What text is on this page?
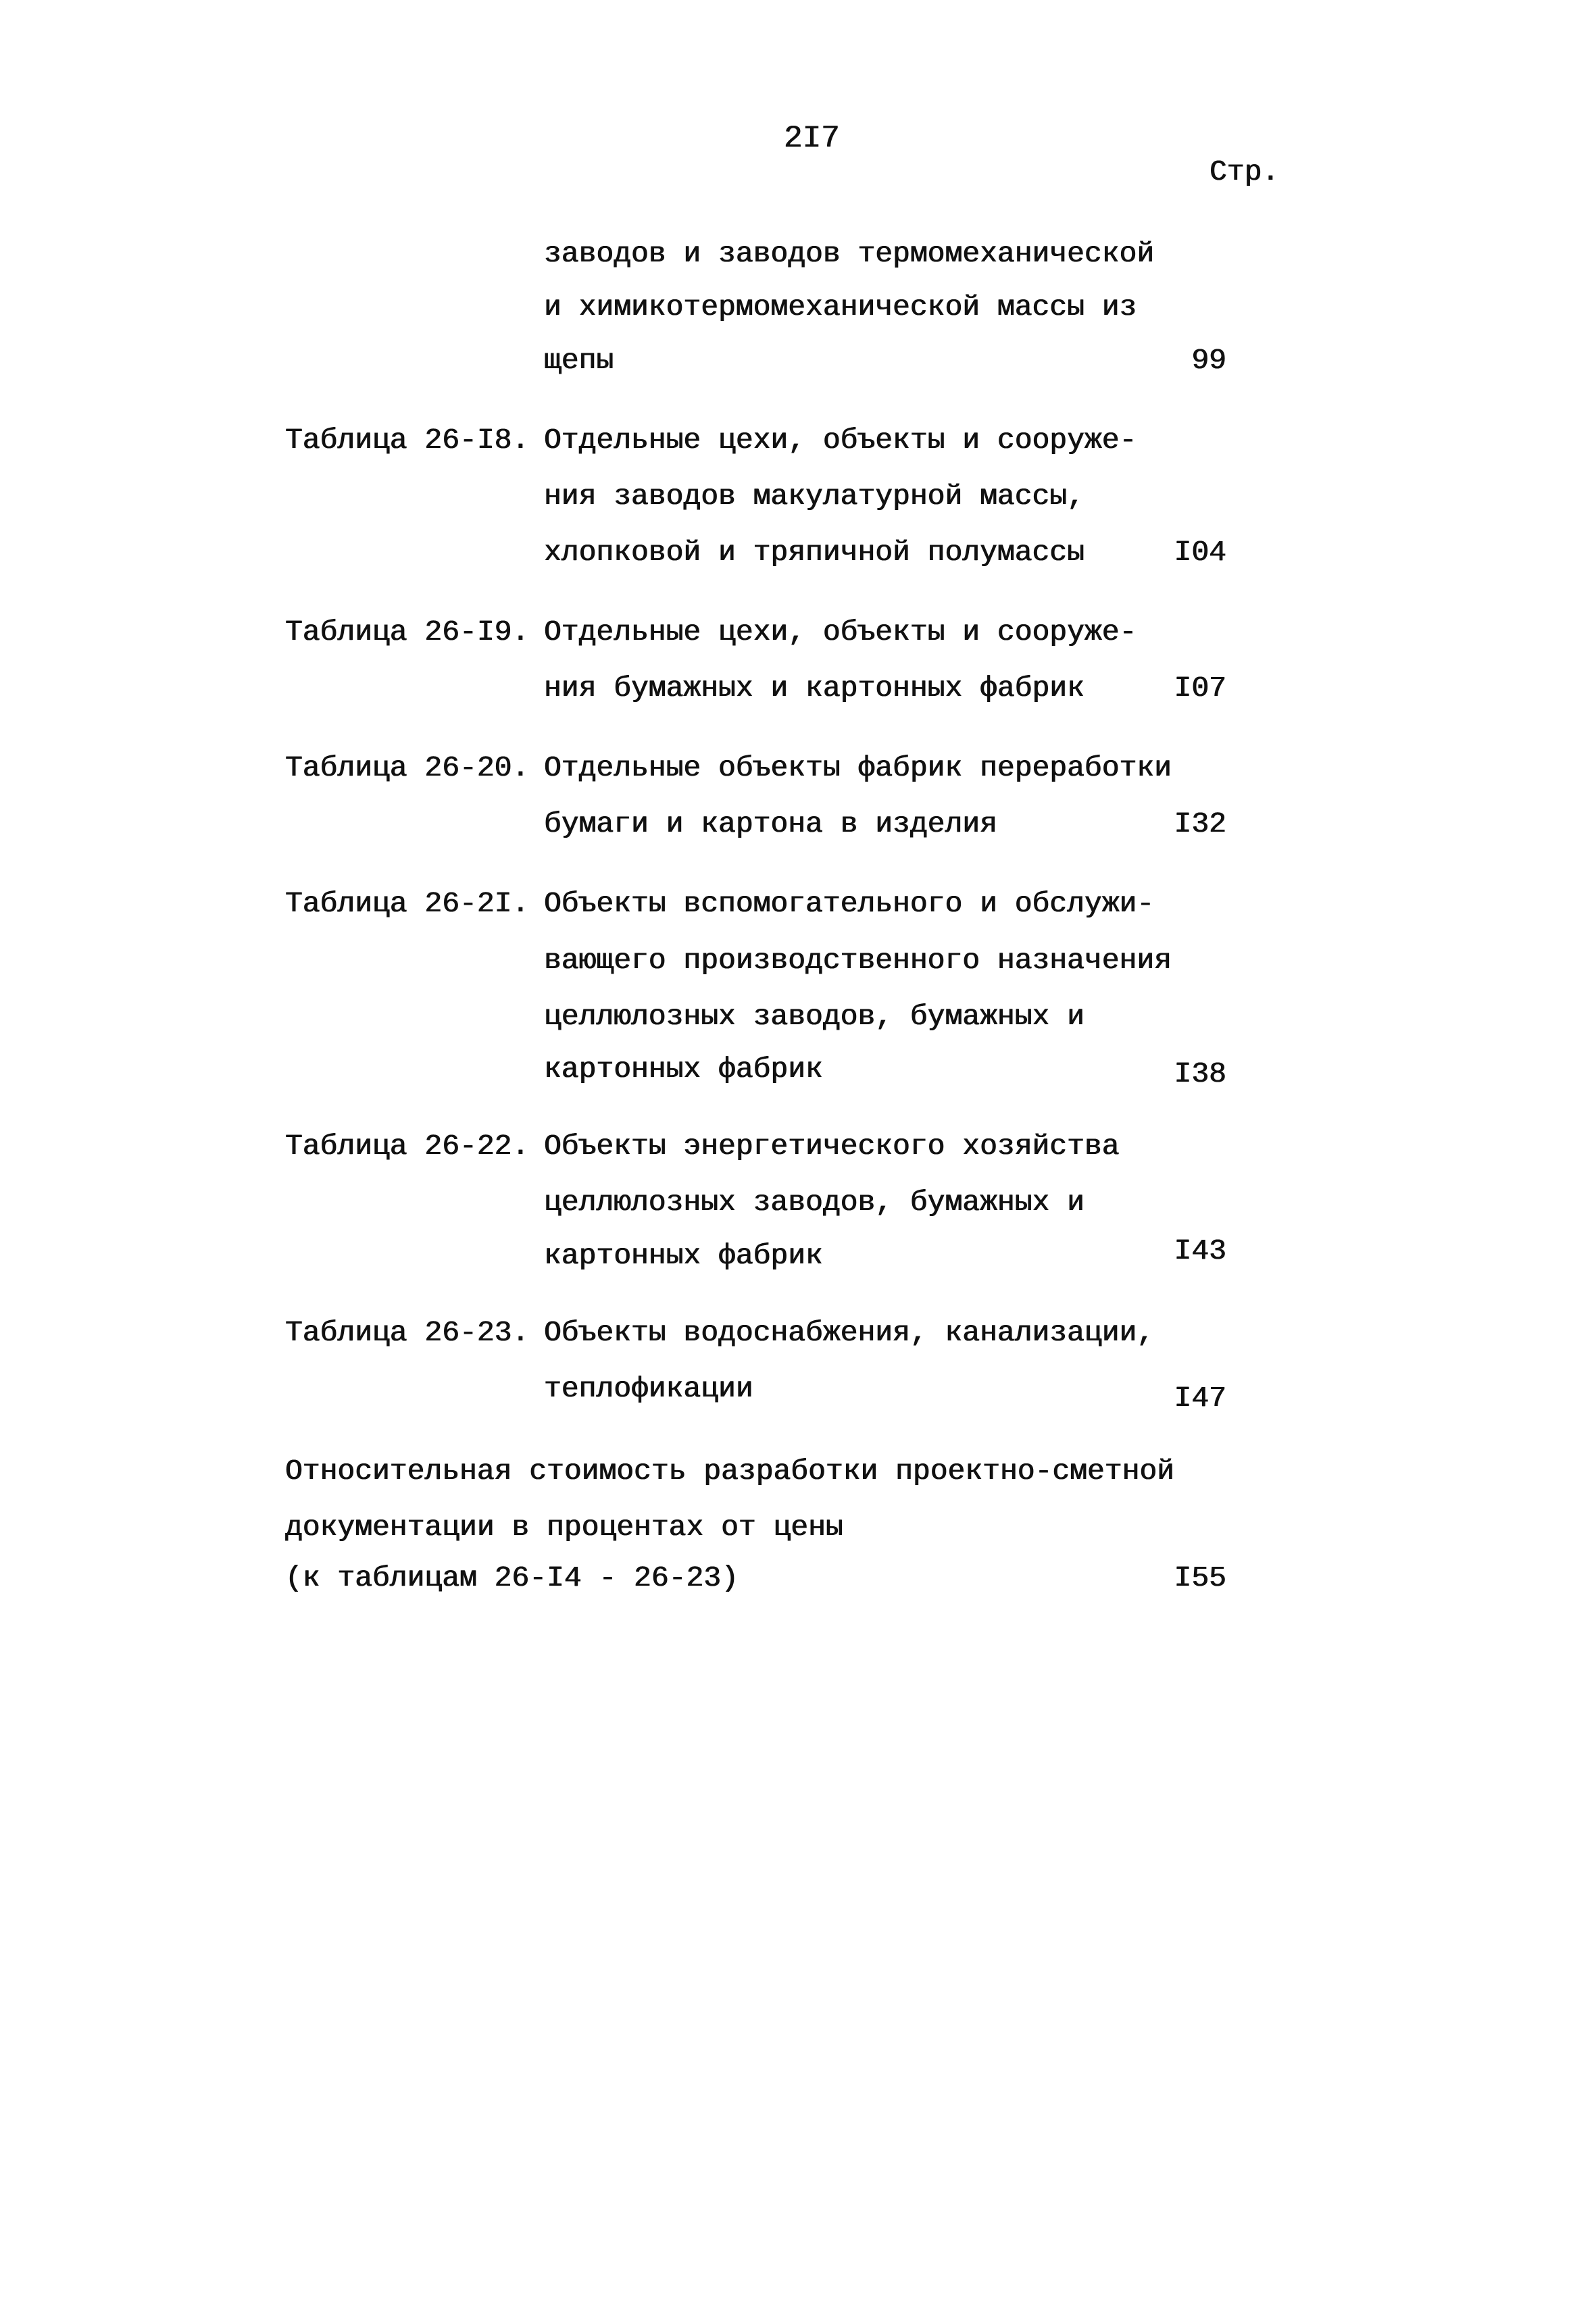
2I7
Стр.
заводов и заводов термомеханической
и химикотермомеханической массы из
щепы	99
Таблица 26-I8. Отдельные цехи, объекты и сооруже-
ния заводов макулатурной массы,
хлопковой и тряпичной полумассы	I04
Таблица 26-I9. Отдельные цехи, объекты и сооруже-
ния бумажных и картонных фабрик	I07
Таблица 26-20. Отдельные объекты фабрик переработки
бумаги и картона в изделия	I32
Таблица 26-2I. Объекты вспомогательного и обслужи-
вающего производственного назначения
целлюлозных заводов, бумажных и
картонных фабрик	I38
Таблица 26-22. Объекты энергетического хозяйства
целлюлозных заводов, бумажных и
картонных фабрик	I43
Таблица 26-23. Объекты водоснабжения, канализации,
теплофикации	I47
Относительная стоимость разработки проектно-сметной
документации в процентах от цены
(к таблицам 26-I4 - 26-23)	I55
